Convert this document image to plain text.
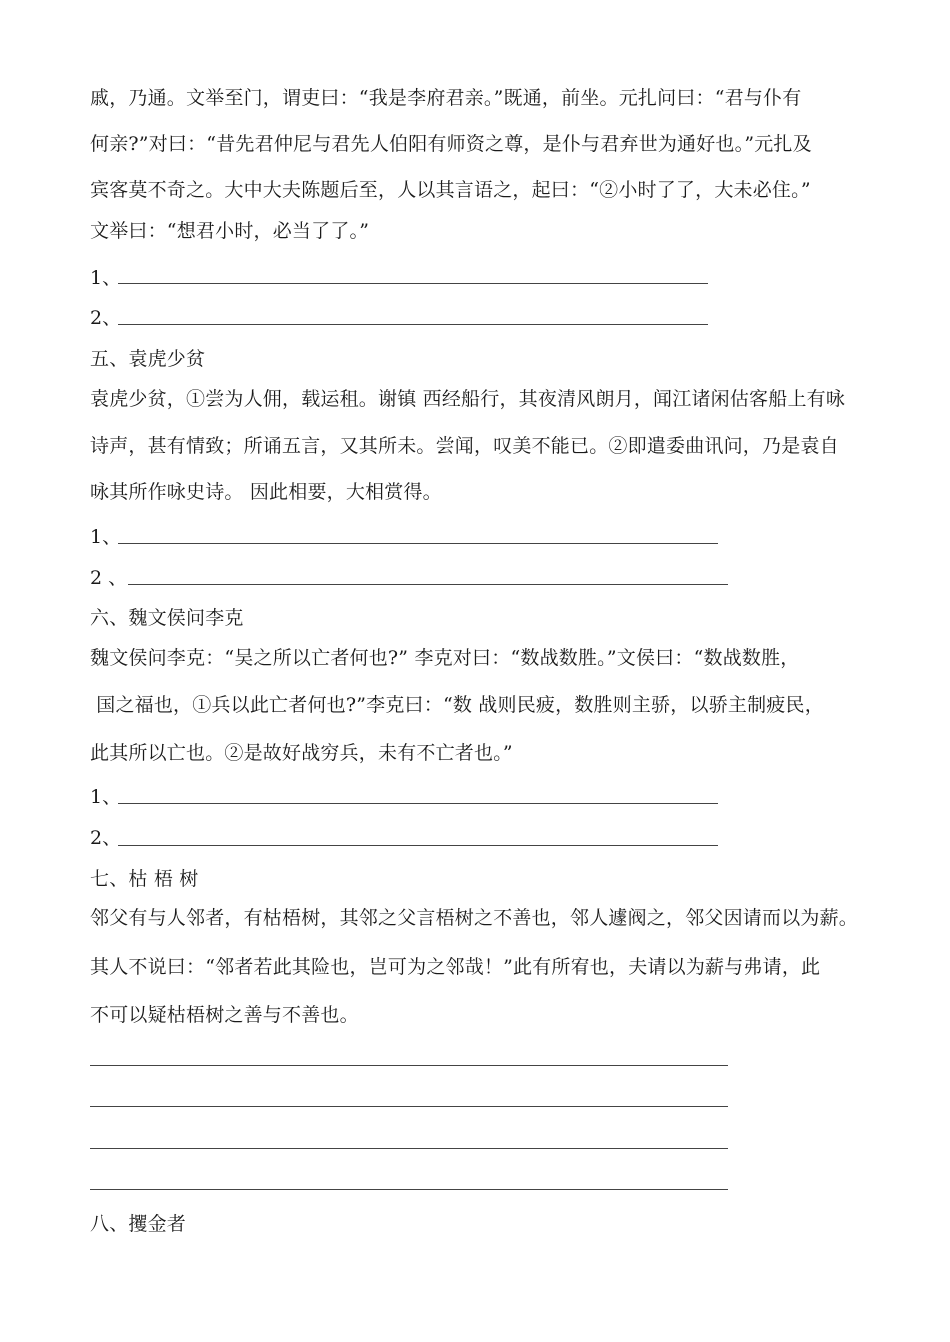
戚，乃通。文举至门，谓吏曰：“我是李府君亲。”既通，前坐。元扎问曰：“君与仆有
何亲?”对曰：“昔先君仲尼与君先人伯阳有师资之尊，是仆与君弃世为通好也。”元扎及
宾客莫不奇之。大中大夫陈题后至，人以其言语之，起曰：“②小时了了，大未必住。”
文举曰：“想君小时，必当了了。”
1、
2、
五、袁虎少贫
袁虎少贫，①尝为人佣，载运租。谢镇 西经船行，其夜清风朗月，闻江诸闲估客船上有咏
诗声，甚有情致；所诵五言，又其所未。尝闻，叹美不能已。②即遣委曲讯问，乃是袁自
咏其所作咏史诗。 因此相要，大相赏得。
1、
2 、
六、魏文侯问李克
魏文侯问李克：“吴之所以亡者何也?” 李克对曰：“数战数胜。”文侯曰：“数战数胜，
国之福也，①兵以此亡者何也?”李克曰：“数 战则民疲，数胜则主骄，以骄主制疲民，
此其所以亡也。②是故好战穷兵，未有不亡者也。”
1、
2、
七、枯 梧 树
邻父有与人邻者，有枯梧树，其邻之父言梧树之不善也，邻人遽阀之，邻父因请而以为薪。
其人不说曰：“邻者若此其险也，岂可为之邻哉！”此有所宥也，夫请以为薪与弗请，此
不可以疑枯梧树之善与不善也。
八、攫金者
